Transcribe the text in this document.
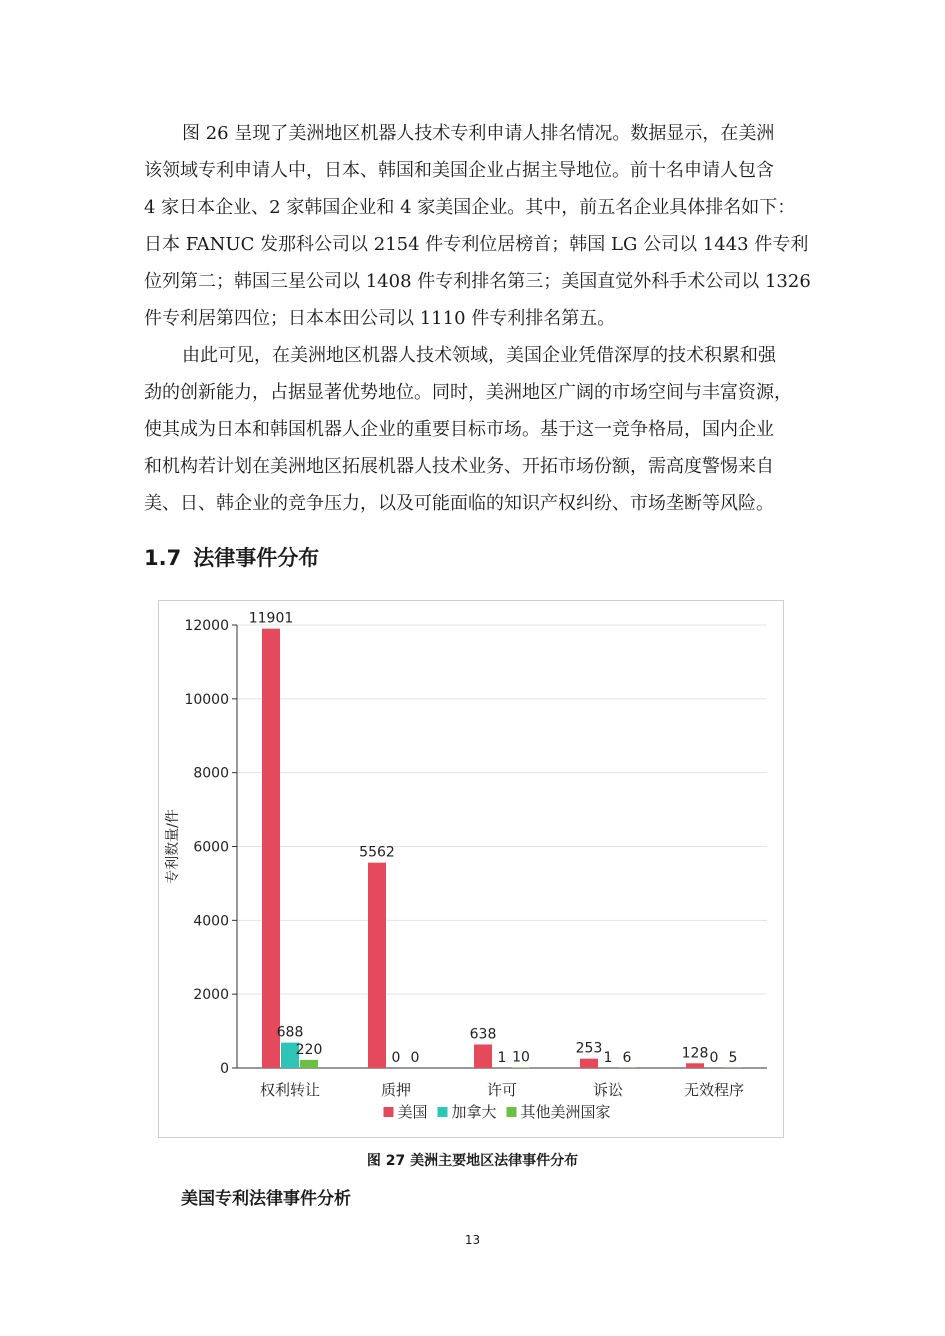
图 26 呈现了美洲地区机器人技术专利申请人排名情况。数据显示，在美洲
该领域专利申请人中，日本、韩国和美国企业占据主导地位。前十名申请人包含
4 家日本企业、2 家韩国企业和 4 家美国企业。其中，前五名企业具体排名如下：
日本 FANUC 发那科公司以 2154 件专利位居榜首；韩国 LG 公司以 1443 件专利
位列第二；韩国三星公司以 1408 件专利排名第三；美国直觉外科手术公司以 1326
件专利居第四位；日本本田公司以 1110 件专利排名第五。
由此可见，在美洲地区机器人技术领域，美国企业凭借深厚的技术积累和强
劲的创新能力，占据显著优势地位。同时，美洲地区广阔的市场空间与丰富资源，
使其成为日本和韩国机器人企业的重要目标市场。基于这一竞争格局，国内企业
和机构若计划在美洲地区拓展机器人技术业务、开拓市场份额，需高度警惕来自
美、日、韩企业的竞争压力，以及可能面临的知识产权纠纷、市场垄断等风险。
1.7 法律事件分布
0
2000
4000
6000
8000
10000
12000
专利数量/件
11901
688
220
权利转让
5562
0 0
质押
638
1 10
许可
253
1 6
诉讼
128 0 5
无效程序
美国 加拿大 其他美洲国家
图 27 美洲主要地区法律事件分布
美国专利法律事件分析
13
